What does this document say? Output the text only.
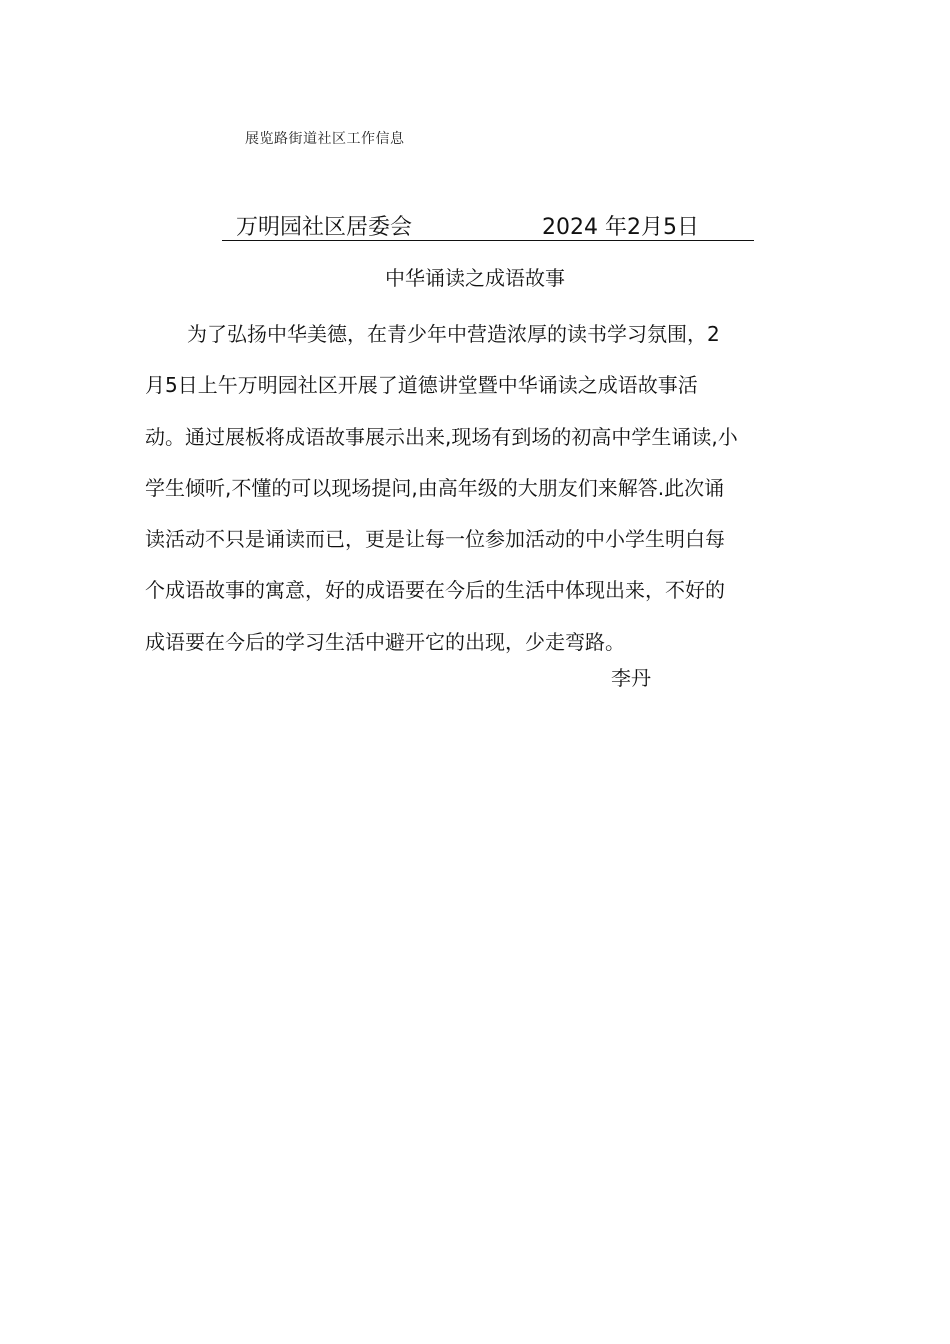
展览路街道社区工作信息
万明园社区居委会	2024 年2月5日
中华诵读之成语故事
为了弘扬中华美德，在青少年中营造浓厚的读书学习氛围，2
月5日上午万明园社区开展了道德讲堂暨中华诵读之成语故事活
动。通过展板将成语故事展示出来,现场有到场的初高中学生诵读,小
学生倾听,不懂的可以现场提问,由高年级的大朋友们来解答.此次诵
读活动不只是诵读而已，更是让每一位参加活动的中小学生明白每
个成语故事的寓意，好的成语要在今后的生活中体现出来，不好的
成语要在今后的学习生活中避开它的出现，少走弯路。
李丹
